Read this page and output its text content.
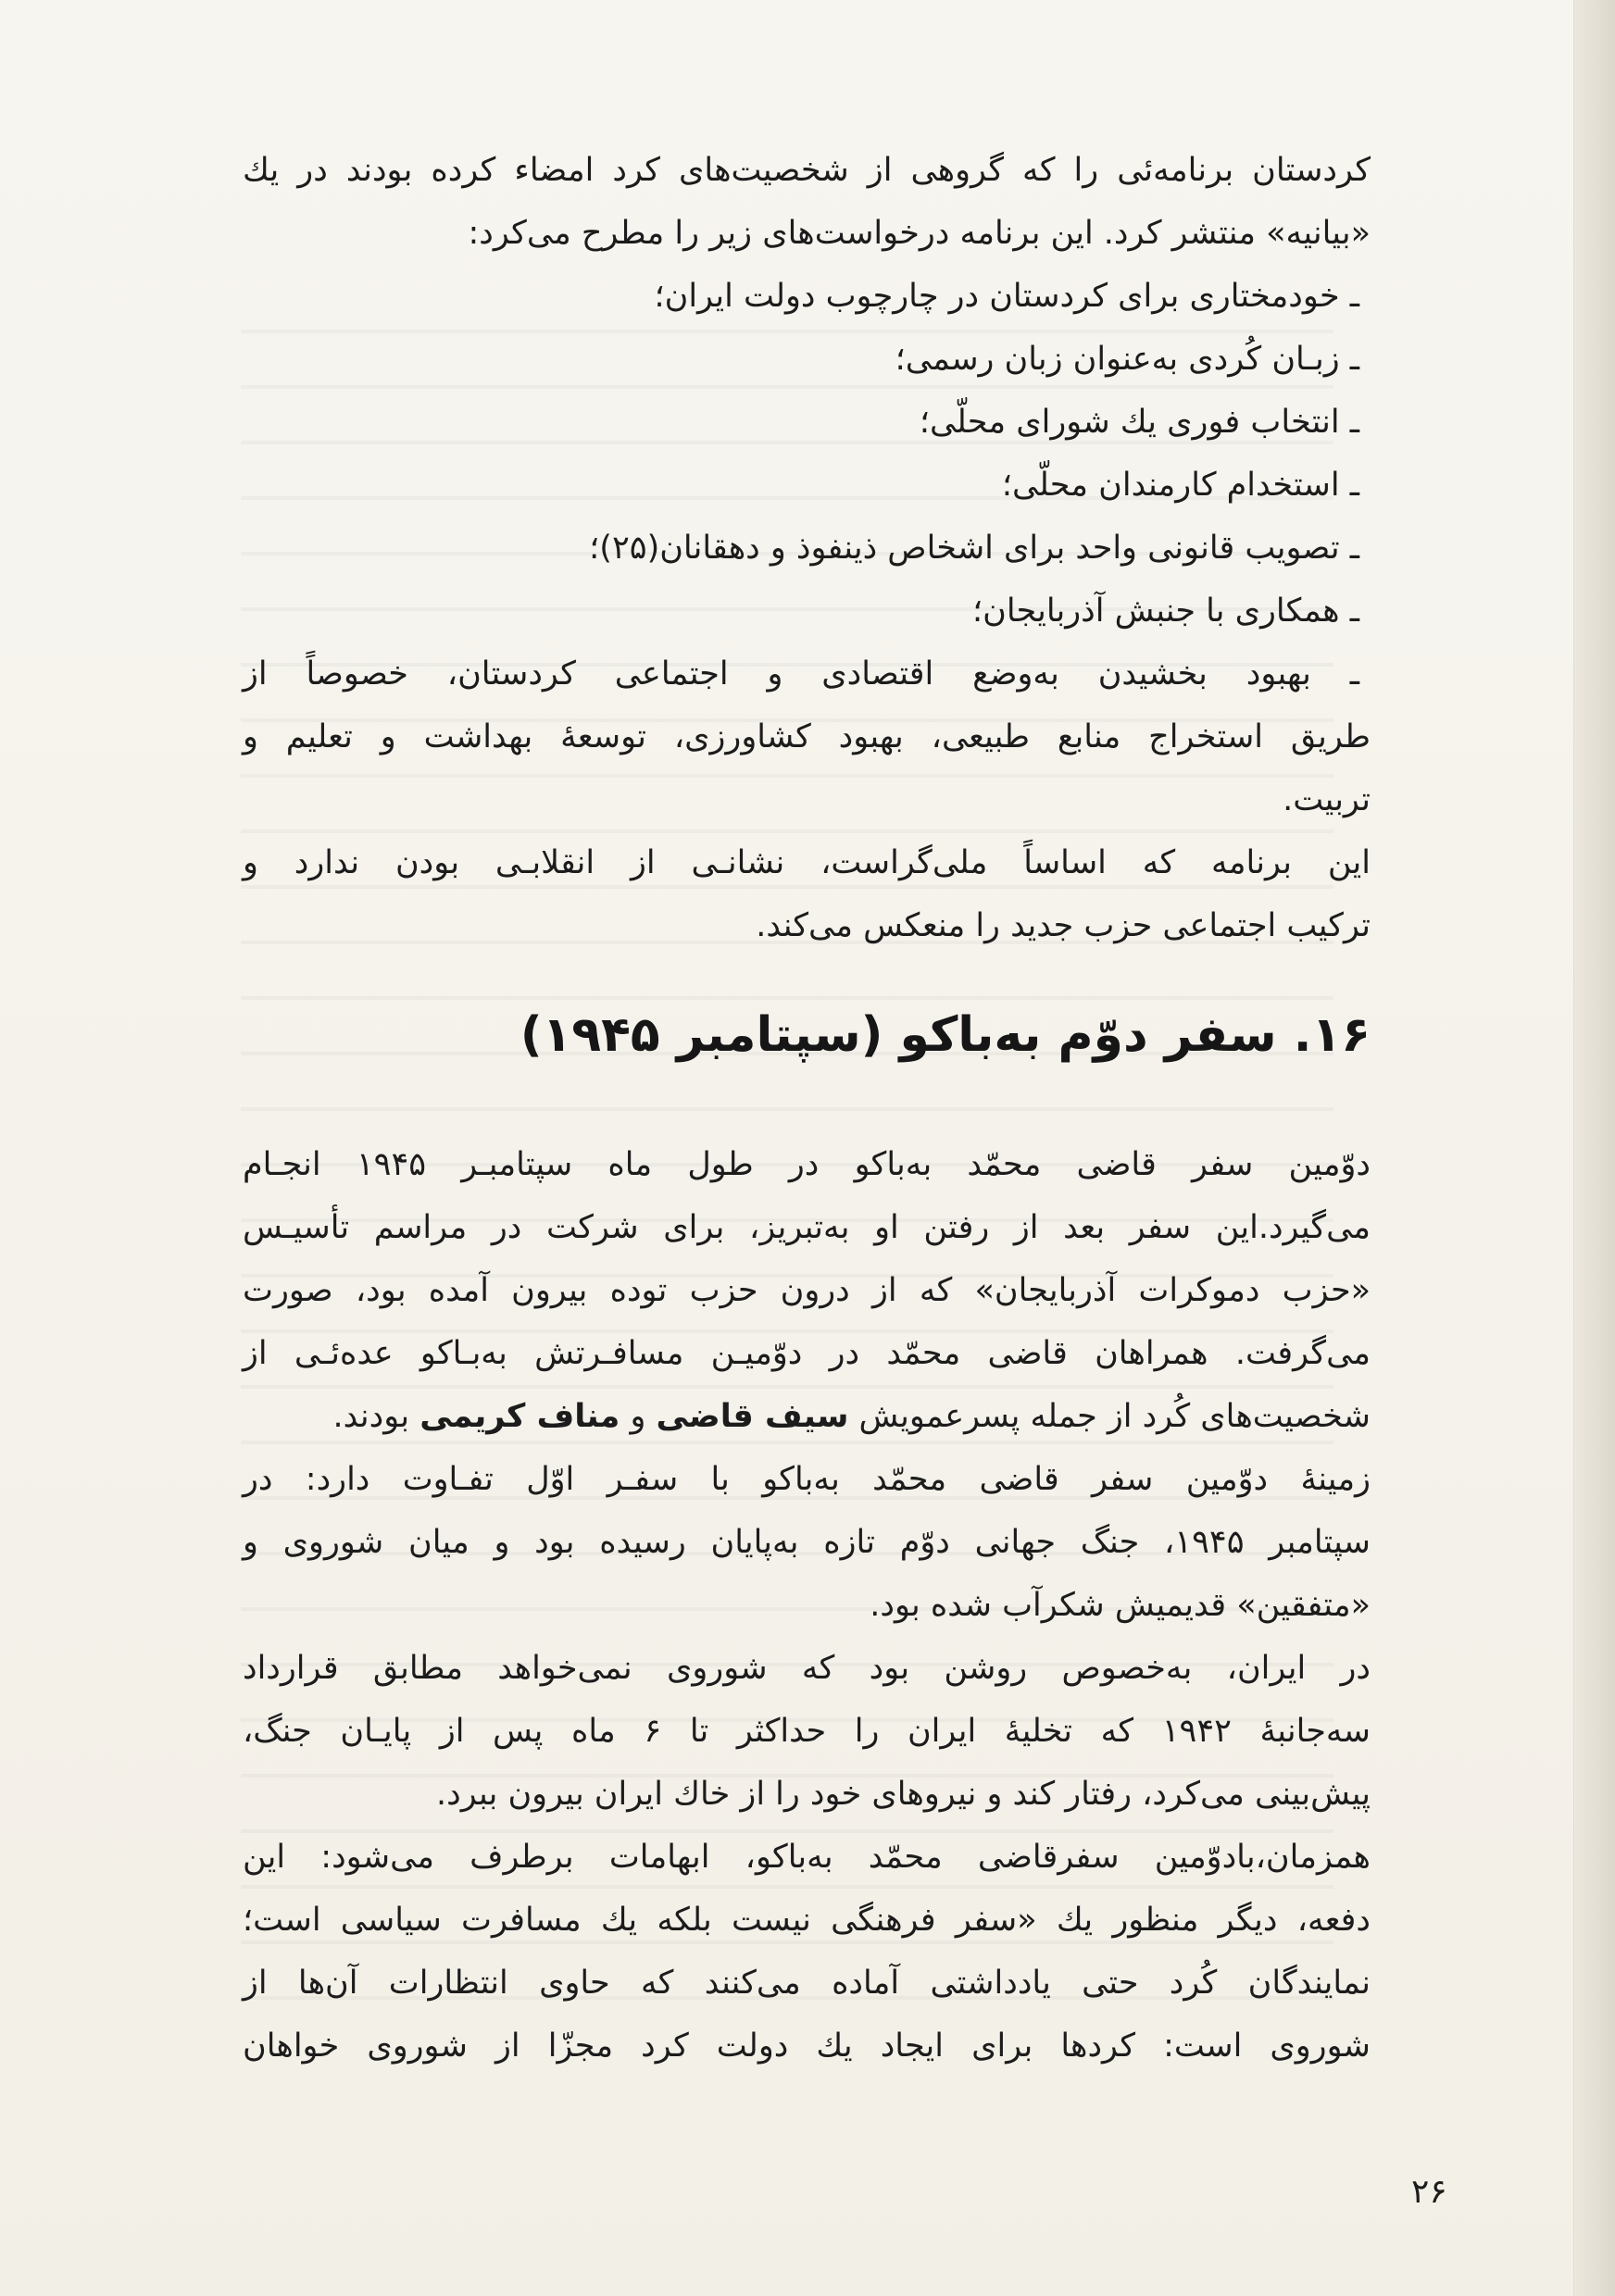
کردستان برنامه‌ئی را که گروهی از شخصیت‌های کرد امضاء کرده بودند در یك
«بیانیه» منتشر کرد. این برنامه درخواست‌های زیر را مطرح می‌کرد:
ـ خودمختاری برای کردستان در چارچوب دولت ایران؛
ـ زبـان کُردی به‌عنوان زبان رسمی؛
ـ انتخاب فوری یك شورای محلّی؛
ـ استخدام کارمندان محلّی؛
ـ تصویب قانونی واحد برای اشخاص ذینفوذ و دهقانان(۲۵)؛
ـ همکاری با جنبش آذربایجان؛
ـ بهبود بخشیدن به‌وضع اقتصادی و اجتماعی کردستان، خصوصاً از
طریق استخراج منابع طبیعی، بهبود کشاورزی، توسعهٔ بهداشت و تعلیم و
تربیت.
این برنامه که اساساً ملی‌گراست، نشانـی از انقلابـی بودن ندارد و
ترکیب اجتماعی حزب جدید را منعکس می‌کند.
۱۶. سفر دوّم به‌باکو (سپتامبر ۱۹۴۵)
دوّمین سفر قاضی محمّد به‌باکو در طول ماه سپتامبـر ۱۹۴۵ انجـام
می‌گیرد.این سفر بعد از رفتن او به‌تبریز، برای شرکت در مراسم تأسیـس
«حزب دموکرات آذربایجان» که از درون حزب توده بیرون آمده بود، صورت
می‌گرفت. همراهان قاضی محمّد در دوّمیـن مسافـرتش به‌بـاکو عده‌ئـی از
شخصیت‌های کُرد از جمله پسرعمویش سیف قاضی و مناف کریمی بودند.
زمینهٔ دوّمین سفر قاضی محمّد به‌باکو با سفـر اوّل تفـاوت دارد: در
سپتامبر ۱۹۴۵، جنگ جهانی دوّم تازه به‌پایان رسیده بود و میان شوروی و
«متفقین» قدیمیش شکرآب شده بود.
در ایران، به‌خصوص روشن بود که شوروی نمی‌خواهد مطابق قرارداد
سه‌جانبهٔ ۱۹۴۲ که تخلیهٔ ایران را حداکثر تا ۶ ماه پس از پایـان جنگ،
پیش‌بینی می‌کرد، رفتار کند و نیروهای خود را از خاك ایران بیرون ببرد.
همزمان،بادوّمین سفرقاضی محمّد به‌باکو، ابهامات برطرف می‌شود: این
دفعه، دیگر منظور یك «سفر فرهنگی نیست بلکه یك مسافرت سیاسی است؛
نمایندگان کُرد حتی یادداشتی آماده می‌کنند که حاوی انتظارات آن‌ها از
شوروی است: کردها برای ایجاد یك دولت کرد مجزّا از شوروی خواهان
۲۶
